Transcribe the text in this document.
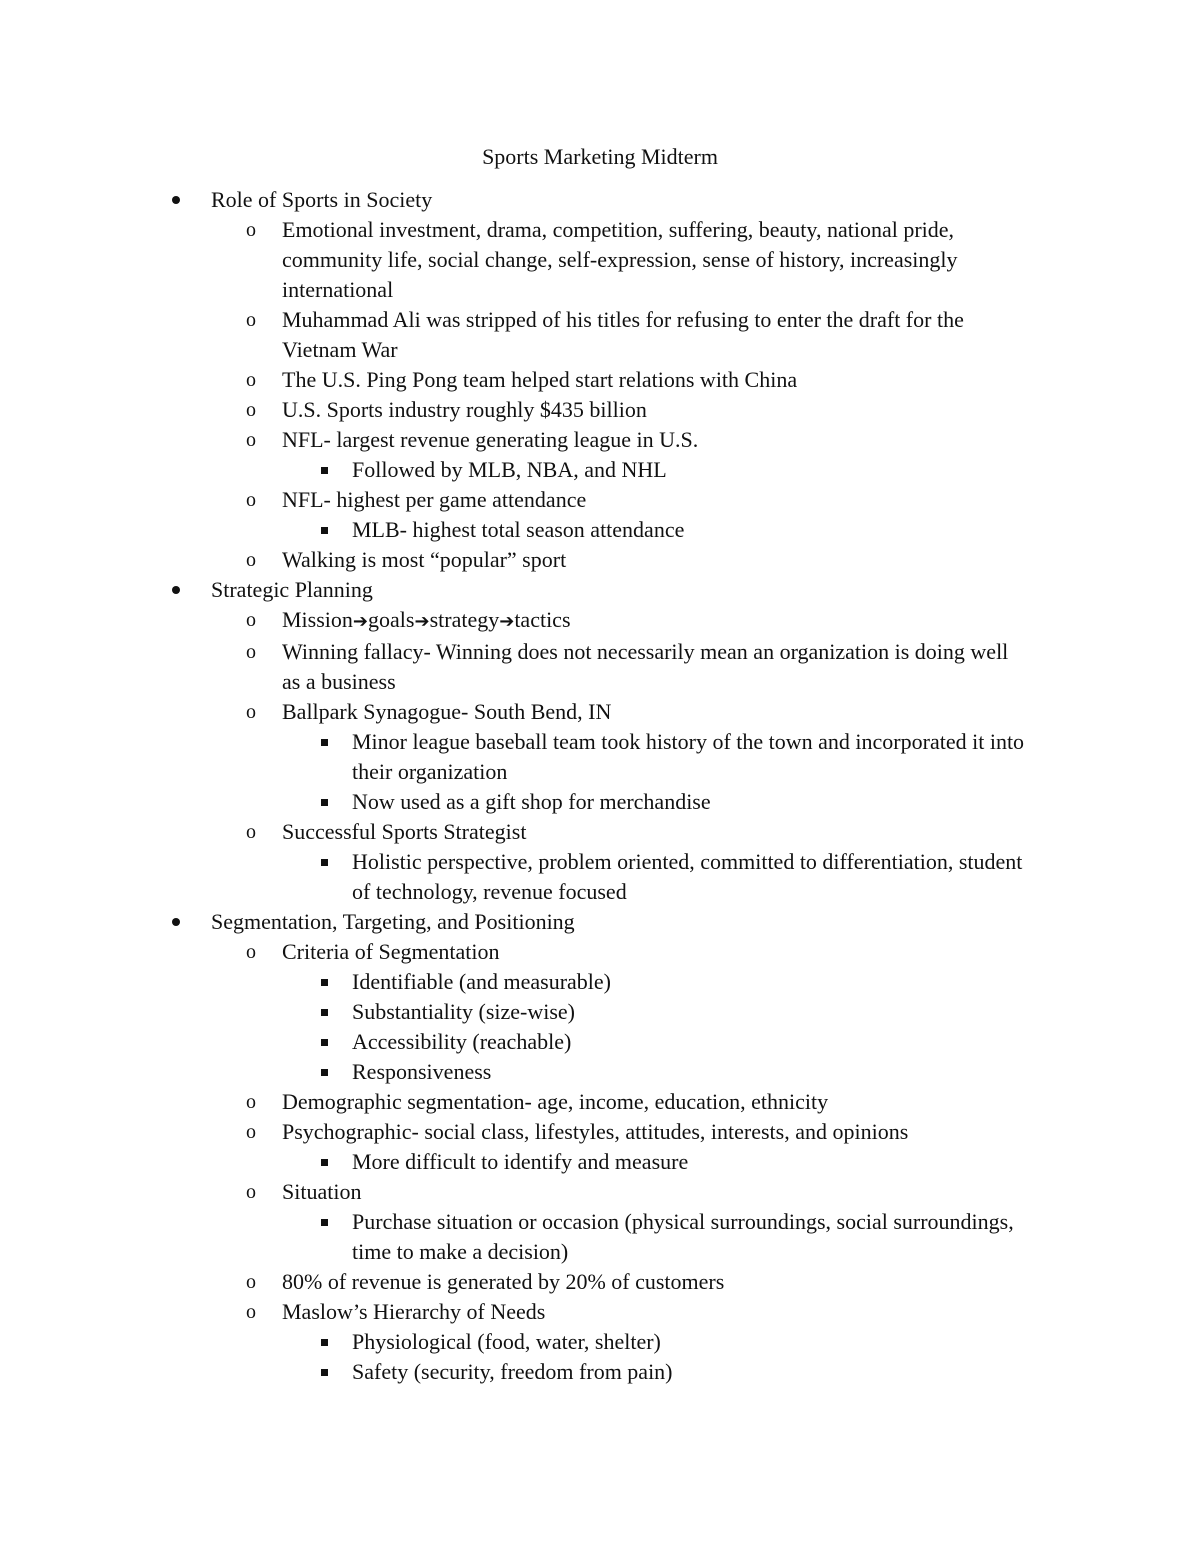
Sports Marketing Midterm
Role of Sports in Society
o Emotional investment, drama, competition, suffering, beauty, national pride, community life, social change, self-expression, sense of history, increasingly international
o Muhammad Ali was stripped of his titles for refusing to enter the draft for the Vietnam War
o The U.S. Ping Pong team helped start relations with China
o U.S. Sports industry roughly $435 billion
o NFL- largest revenue generating league in U.S.
Followed by MLB, NBA, and NHL
o NFL- highest per game attendance
MLB- highest total season attendance
o Walking is most “popular” sport
Strategic Planning
o Mission➔goals➔strategy➔tactics
o Winning fallacy- Winning does not necessarily mean an organization is doing well as a business
o Ballpark Synagogue- South Bend, IN
Minor league baseball team took history of the town and incorporated it into their organization
Now used as a gift shop for merchandise
o Successful Sports Strategist
Holistic perspective, problem oriented, committed to differentiation, student of technology, revenue focused
Segmentation, Targeting, and Positioning
o Criteria of Segmentation
Identifiable (and measurable)
Substantiality (size-wise)
Accessibility (reachable)
Responsiveness
o Demographic segmentation- age, income, education, ethnicity
o Psychographic- social class, lifestyles, attitudes, interests, and opinions
More difficult to identify and measure
o Situation
Purchase situation or occasion (physical surroundings, social surroundings, time to make a decision)
o 80% of revenue is generated by 20% of customers
o Maslow’s Hierarchy of Needs
Physiological (food, water, shelter)
Safety (security, freedom from pain)
